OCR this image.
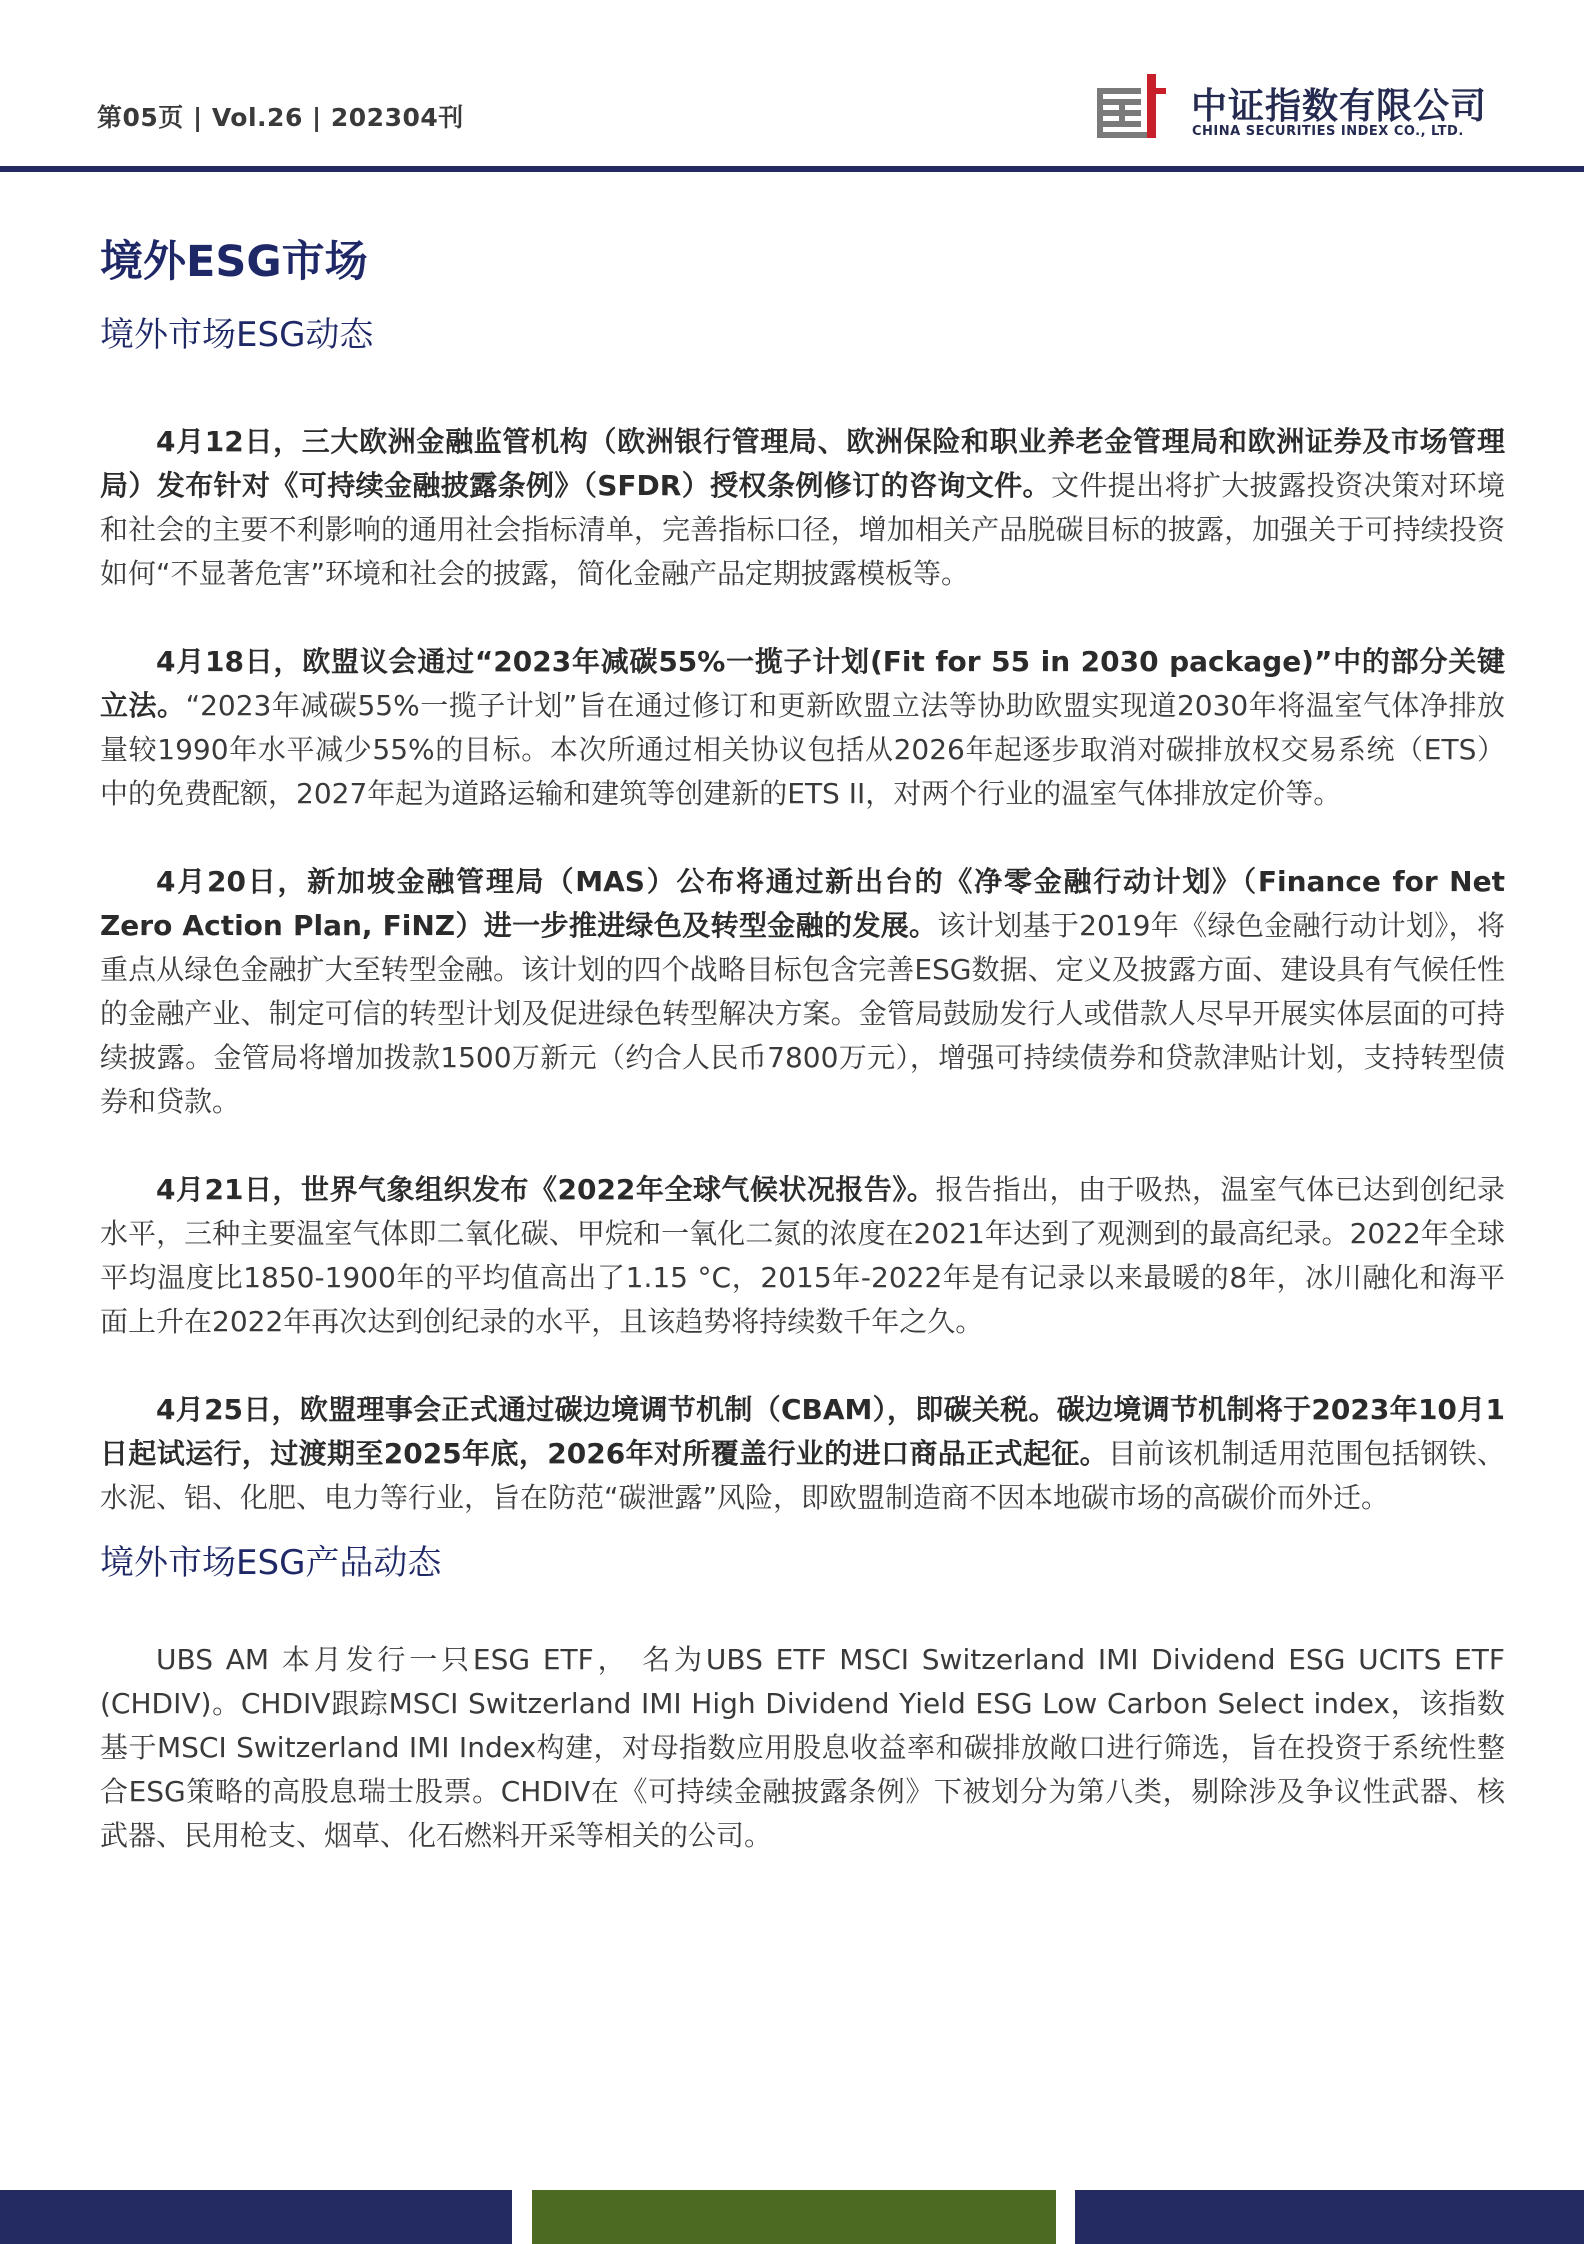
第05页 | Vol.26 | 202304刊	中证指数有限公司
CHINA SECURITIES INDEX CO., LTD.
境外ESG市场
境外市场ESG动态

4月12日，三大欧洲金融监管机构（欧洲银行管理局、欧洲保险和职业养老金管理局和欧洲证券及市场管理局）发布针对《可持续金融披露条例》（SFDR）授权条例修订的咨询文件。文件提出将扩大披露投资决策对环境和社会的主要不利影响的通用社会指标清单，完善指标口径，增加相关产品脱碳目标的披露，加强关于可持续投资如何“不显著危害”环境和社会的披露，简化金融产品定期披露模板等。

4月18日，欧盟议会通过“2023年减碳55%一揽子计划(Fit for 55 in 2030 package)”中的部分关键立法。“2023年减碳55%一揽子计划”旨在通过修订和更新欧盟立法等协助欧盟实现道2030年将温室气体净排放量较1990年水平减少55%的目标。本次所通过相关协议包括从2026年起逐步取消对碳排放权交易系统（ETS）中的免费配额，2027年起为道路运输和建筑等创建新的ETS II，对两个行业的温室气体排放定价等。

4月20日，新加坡金融管理局（MAS）公布将通过新出台的《净零金融行动计划》（Finance for Net Zero Action Plan, FiNZ）进一步推进绿色及转型金融的发展。该计划基于2019年《绿色金融行动计划》，将重点从绿色金融扩大至转型金融。该计划的四个战略目标包含完善ESG数据、定义及披露方面、建设具有气候任性的金融产业、制定可信的转型计划及促进绿色转型解决方案。金管局鼓励发行人或借款人尽早开展实体层面的可持续披露。金管局将增加拨款1500万新元（约合人民币7800万元），增强可持续债券和贷款津贴计划，支持转型债券和贷款。

4月21日，世界气象组织发布《2022年全球气候状况报告》。报告指出，由于吸热，温室气体已达到创纪录水平，三种主要温室气体即二氧化碳、甲烷和一氧化二氮的浓度在2021年达到了观测到的最高纪录。2022年全球平均温度比1850-1900年的平均值高出了1.15 °C，2015年-2022年是有记录以来最暖的8年，冰川融化和海平面上升在2022年再次达到创纪录的水平，且该趋势将持续数千年之久。

4月25日，欧盟理事会正式通过碳边境调节机制（CBAM），即碳关税。碳边境调节机制将于2023年10月1日起试运行，过渡期至2025年底，2026年对所覆盖行业的进口商品正式起征。目前该机制适用范围包括钢铁、水泥、铝、化肥、电力等行业，旨在防范“碳泄露”风险，即欧盟制造商不因本地碳市场的高碳价而外迁。

境外市场ESG产品动态

UBS AM 本月发行一只ESG ETF， 名为UBS ETF MSCI Switzerland IMI Dividend ESG UCITS ETF (CHDIV)。CHDIV跟踪MSCI Switzerland IMI High Dividend Yield ESG Low Carbon Select index，该指数基于MSCI Switzerland IMI Index构建，对母指数应用股息收益率和碳排放敞口进行筛选，旨在投资于系统性整合ESG策略的高股息瑞士股票。CHDIV在《可持续金融披露条例》下被划分为第八类，剔除涉及争议性武器、核武器、民用枪支、烟草、化石燃料开采等相关的公司。
